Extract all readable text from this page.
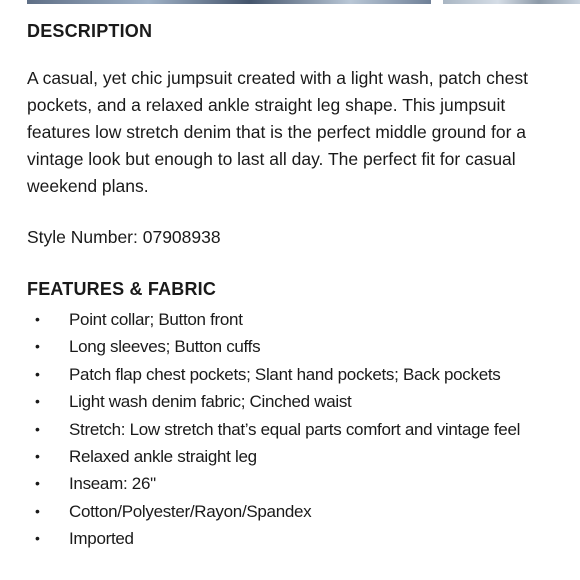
DESCRIPTION

A casual, yet chic jumpsuit created with a light wash, patch chest pockets, and a relaxed ankle straight leg shape. This jumpsuit features low stretch denim that is the perfect middle ground for a vintage look but enough to last all day. The perfect fit for casual weekend plans.

Style Number: 07908938

FEATURES & FABRIC
• Point collar; Button front
• Long sleeves; Button cuffs
• Patch flap chest pockets; Slant hand pockets; Back pockets
• Light wash denim fabric; Cinched waist
• Stretch: Low stretch that’s equal parts comfort and vintage feel
• Relaxed ankle straight leg
• Inseam: 26"
• Cotton/Polyester/Rayon/Spandex
• Imported
